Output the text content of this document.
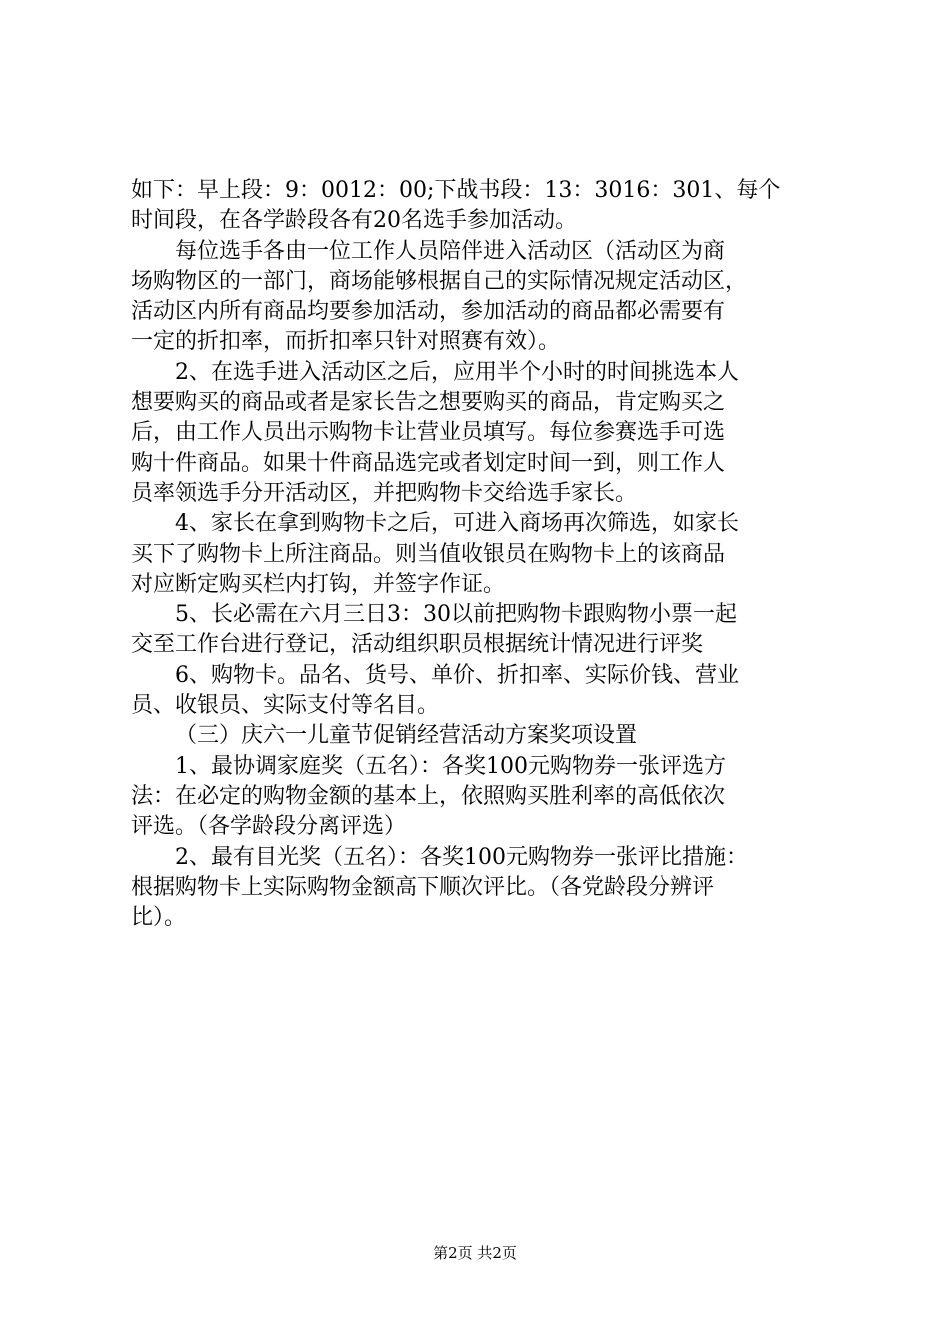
如下：早上段：9：0012：00;下战书段：13：3016：301、每个
时间段，在各学龄段各有20名选手参加活动。
每位选手各由一位工作人员陪伴进入活动区（活动区为商
场购物区的一部门，商场能够根据自己的实际情况规定活动区，
活动区内所有商品均要参加活动，参加活动的商品都必需要有
一定的折扣率，而折扣率只针对照赛有效）。
2、在选手进入活动区之后，应用半个小时的时间挑选本人
想要购买的商品或者是家长告之想要购买的商品，肯定购买之
后，由工作人员出示购物卡让营业员填写。每位参赛选手可选
购十件商品。如果十件商品选完或者划定时间一到，则工作人
员率领选手分开活动区，并把购物卡交给选手家长。
4、家长在拿到购物卡之后，可进入商场再次筛选，如家长
买下了购物卡上所注商品。则当值收银员在购物卡上的该商品
对应断定购买栏内打钩，并签字作证。
5、长必需在六月三日3：30以前把购物卡跟购物小票一起
交至工作台进行登记，活动组织职员根据统计情况进行评奖
6、购物卡。品名、货号、单价、折扣率、实际价钱、营业
员、收银员、实际支付等名目。
（三）庆六一儿童节促销经营活动方案奖项设置
1、最协调家庭奖（五名）：各奖100元购物券一张评选方
法：在必定的购物金额的基本上，依照购买胜利率的高低依次
评选。（各学龄段分离评选）
2、最有目光奖（五名）：各奖100元购物券一张评比措施：
根据购物卡上实际购物金额高下顺次评比。（各党龄段分辨评
比）。
第2页 共2页
